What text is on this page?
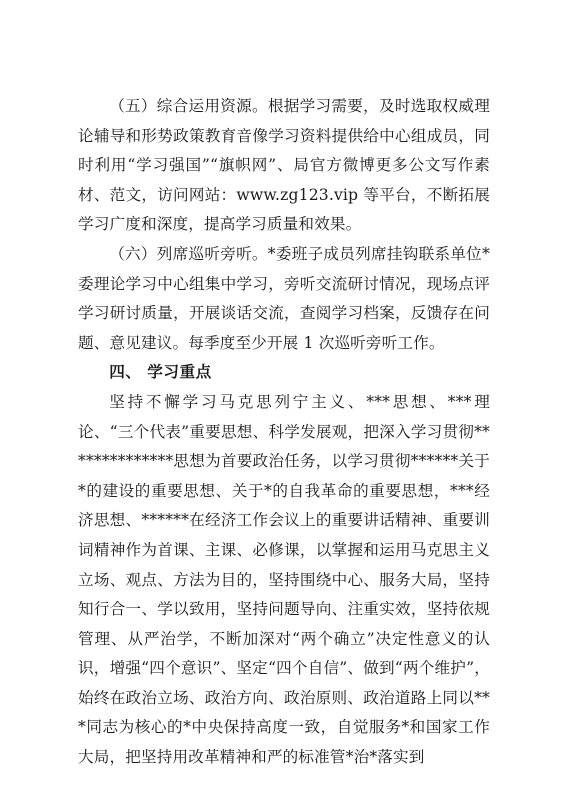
（五）综合运用资源。根据学习需要，及时选取权威理论辅导和形势政策教育音像学习资料提供给中心组成员，同时利用“学习强国”“旗帜网”、局官方微博更多公文写作素材、范文，访问网站：www.zg123.vip 等平台，不断拓展学习广度和深度，提高学习质量和效果。

（六）列席巡听旁听。*委班子成员列席挂钩联系单位*委理论学习中心组集中学习，旁听交流研讨情况，现场点评学习研讨质量，开展谈话交流，查阅学习档案，反馈存在问题、意见建议。每季度至少开展 1 次巡听旁听工作。

四、 学习重点

坚持不懈学习马克思列宁主义、***思想、***理论、“三个代表”重要思想、科学发展观，把深入学习贯彻**************思想为首要政治任务，以学习贯彻******关于*的建设的重要思想、关于*的自我革命的重要思想，***经济思想、******在经济工作会议上的重要讲话精神、重要训词精神作为首课、主课、必修课，以掌握和运用马克思主义立场、观点、方法为目的，坚持围绕中心、服务大局，坚持知行合一、学以致用，坚持问题导向、注重实效，坚持依规管理、从严治学，不断加深对“两个确立”决定性意义的认识，增强“四个意识”、坚定“四个自信”、做到“两个维护”，始终在政治立场、政治方向、政治原则、政治道路上同以***同志为核心的*中央保持高度一致，自觉服务*和国家工作大局，把坚持用改革精神和严的标准管*治*落实到
